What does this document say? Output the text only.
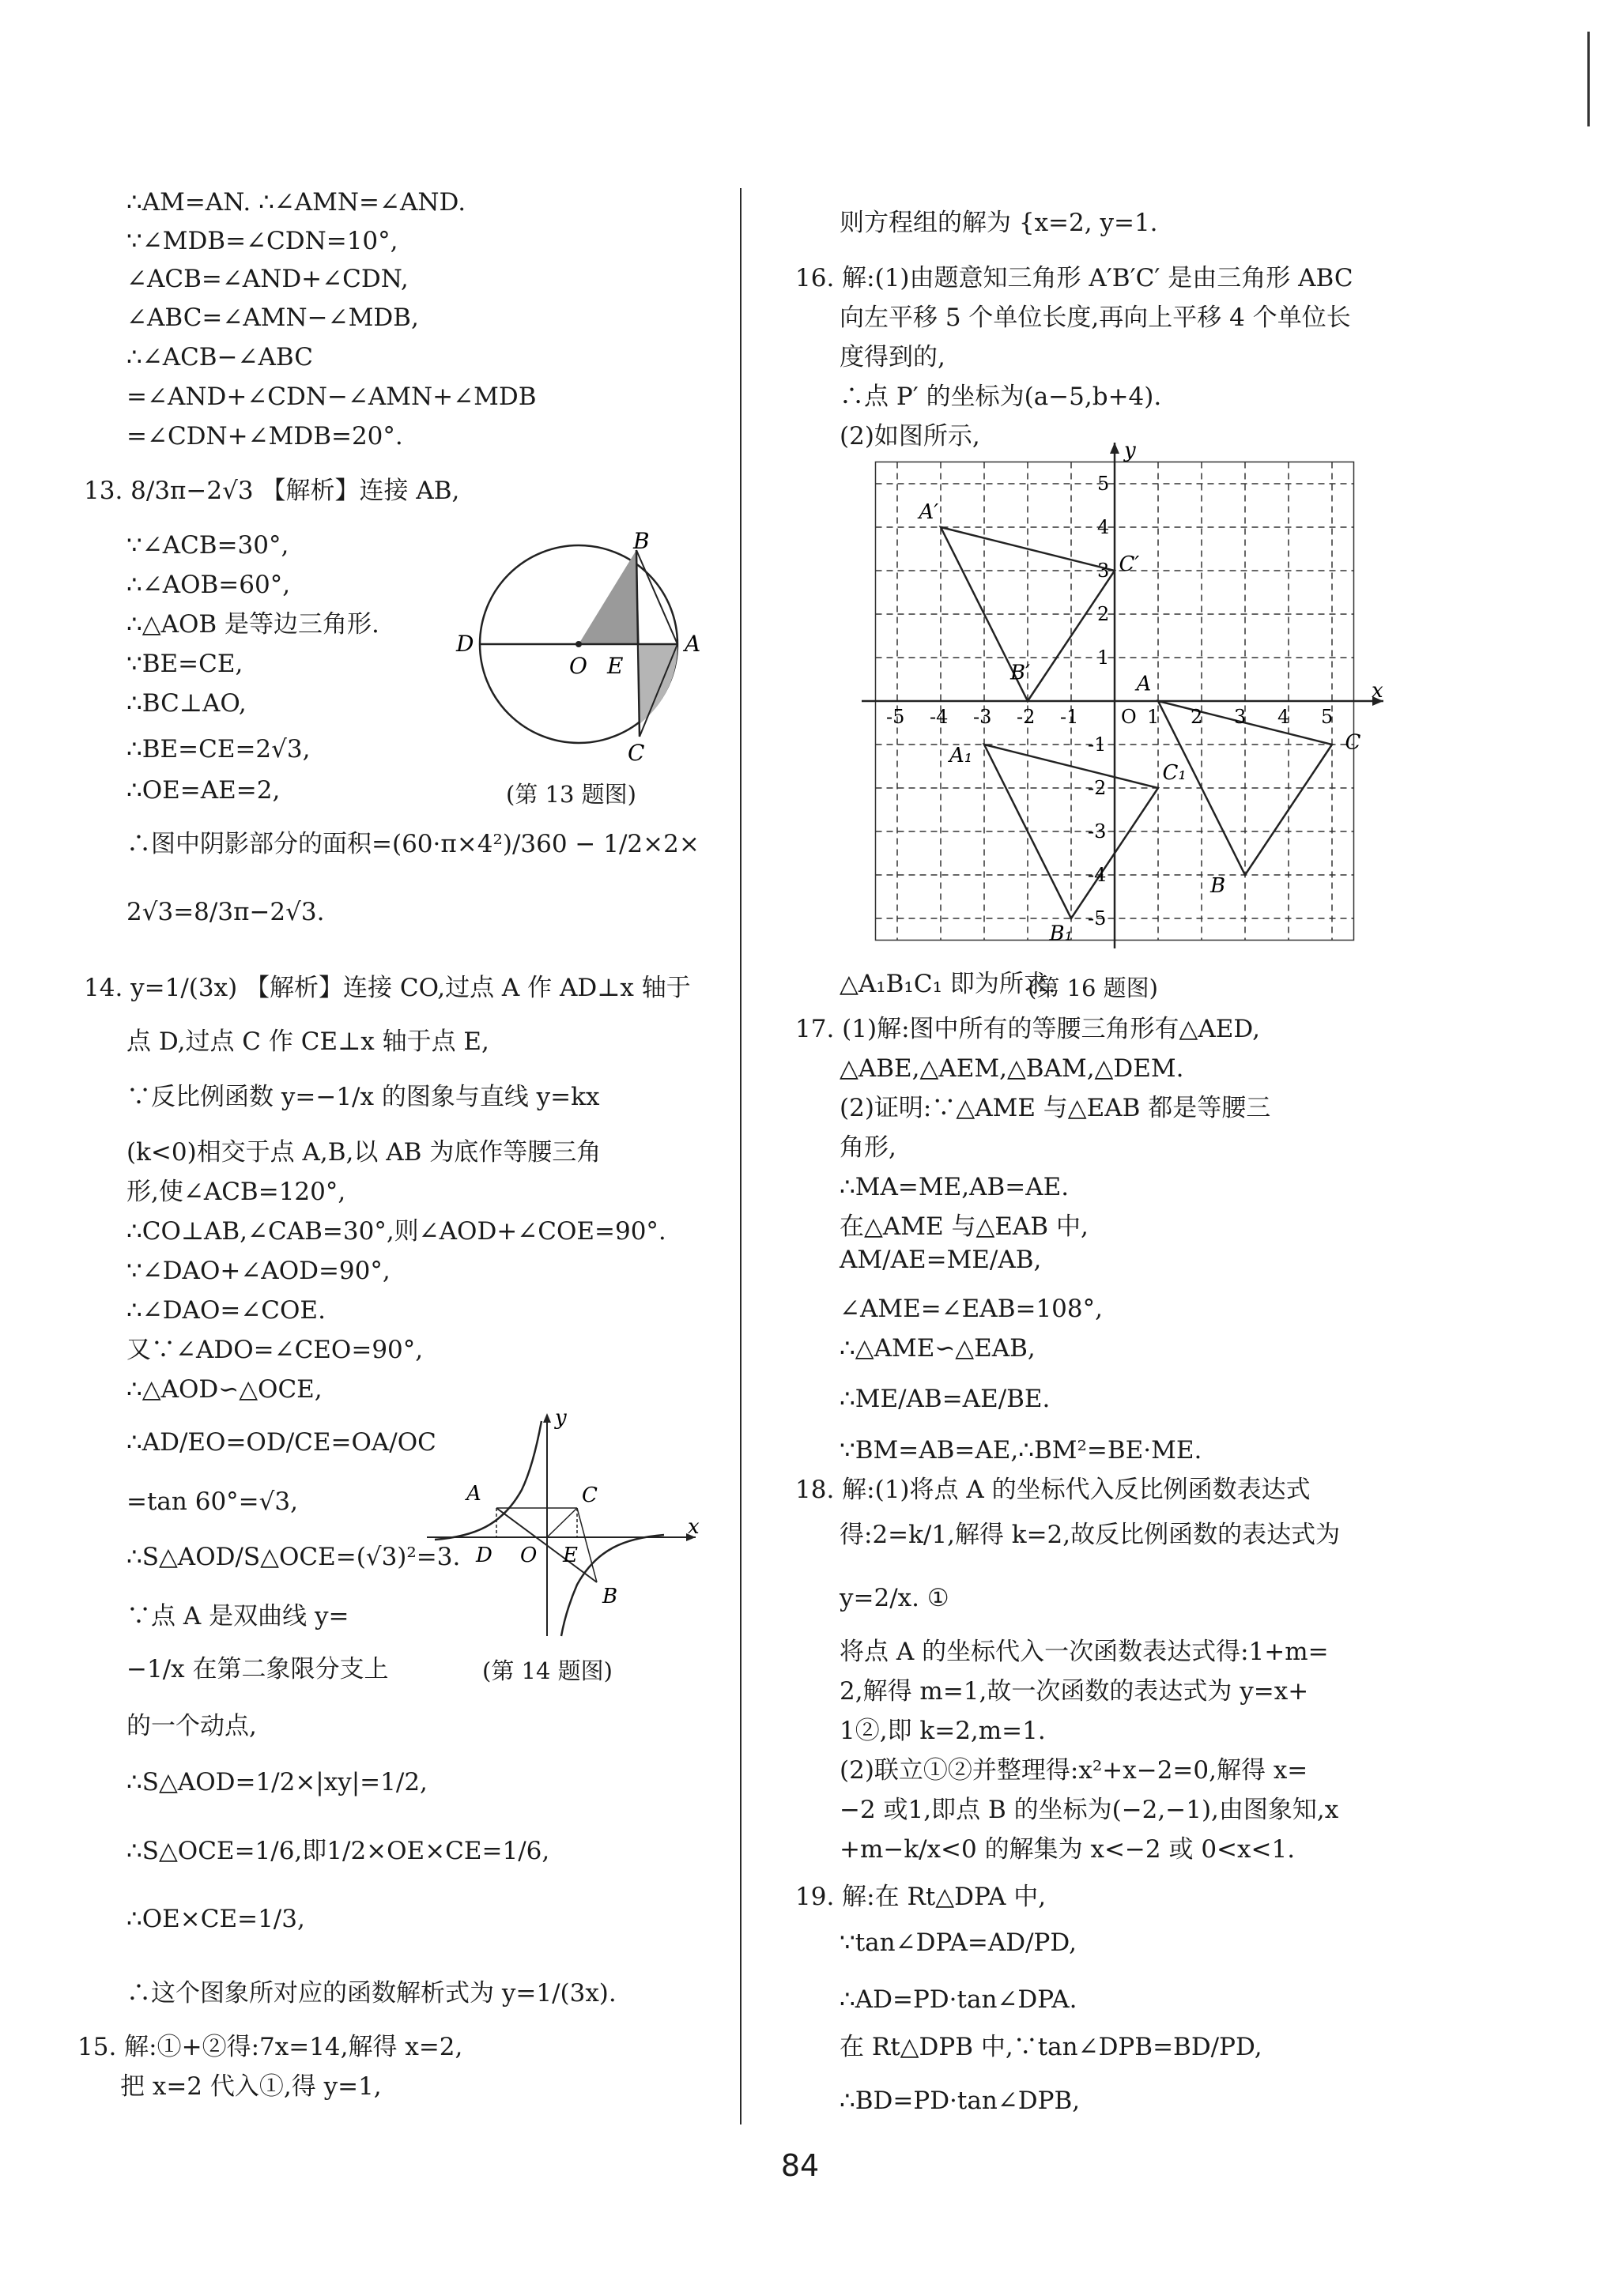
∴AM=AN. ∴∠AMN=∠AND.
∵∠MDB=∠CDN=10°,
∠ACB=∠AND+∠CDN,
∠ABC=∠AMN−∠MDB,
∴∠ACB−∠ABC
=∠AND+∠CDN−∠AMN+∠MDB
=∠CDN+∠MDB=20°.
13. 8/3π−2√3 【解析】连接 AB,
∵∠ACB=30°,
∴∠AOB=60°,
∴△AOB 是等边三角形.
∵BE=CE,
∴BC⊥AO,
∴BE=CE=2√3,
∴OE=AE=2,
∴图中阴影部分的面积=(60·π×4²)/360 − 1/2×2×
2√3=8/3π−2√3.
14. y=1/(3x) 【解析】连接 CO,过点 A 作 AD⊥x 轴于
点 D,过点 C 作 CE⊥x 轴于点 E,
∵反比例函数 y=−1/x 的图象与直线 y=kx
(k<0)相交于点 A,B,以 AB 为底作等腰三角
形,使∠ACB=120°,
∴CO⊥AB,∠CAB=30°,则∠AOD+∠COE=90°.
∵∠DAO+∠AOD=90°,
∴∠DAO=∠COE.
又∵∠ADO=∠CEO=90°,
∴△AOD∽△OCE,
∴AD/EO=OD/CE=OA/OC
=tan 60°=√3,
∴S△AOD/S△OCE=(√3)²=3.
∵点 A 是双曲线 y=
−1/x 在第二象限分支上
的一个动点,
∴S△AOD=1/2×|xy|=1/2,
∴S△OCE=1/6,即1/2×OE×CE=1/6,
∴OE×CE=1/3,
∴这个图象所对应的函数解析式为 y=1/(3x).
15. 解:①+②得:7x=14,解得 x=2,
把 x=2 代入①,得 y=1,
B
D
O E
A
C
(第 13 题图)
y
A	C
x
D O E
B
(第 14 题图)
则方程组的解为 {x=2, y=1.
16. 解:(1)由题意知三角形 A′B′C′ 是由三角形 ABC
向左平移 5 个单位长度,再向上平移 4 个单位长
度得到的,
∴点 P′ 的坐标为(a−5,b+4).
(2)如图所示,
△A₁B₁C₁ 即为所求.
17. (1)解:图中所有的等腰三角形有△AED,
△ABE,△AEM,△BAM,△DEM.
(2)证明:∵△AME 与△EAB 都是等腰三
角形,
∴MA=ME,AB=AE.
在△AME 与△EAB 中,
AM/AE=ME/AB,
∠AME=∠EAB=108°,
∴△AME∽△EAB,
∴ME/AB=AE/BE.
∵BM=AB=AE,∴BM²=BE·ME.
18. 解:(1)将点 A 的坐标代入反比例函数表达式
得:2=k/1,解得 k=2,故反比例函数的表达式为
y=2/x. ①
将点 A 的坐标代入一次函数表达式得:1+m=
2,解得 m=1,故一次函数的表达式为 y=x+
1②,即 k=2,m=1.
(2)联立①②并整理得:x²+x−2=0,解得 x=
−2 或1,即点 B 的坐标为(−2,−1),由图象知,x
+m−k/x<0 的解集为 x<−2 或 0<x<1.
19. 解:在 Rt△DPA 中,
∵tan∠DPA=AD/PD,
∴AD=PD·tan∠DPA.
在 Rt△DPB 中,∵tan∠DPB=BD/PD,
∴BD=PD·tan∠DPB,
-5 -4 -3 -2 -1 O 1 2 3 4 5
5
4
3
2
1
-1
-2
-3
-4
-5
A′
C′
B′	A
C
B
A₁
C₁
B₁
y
x
(第 16 题图)
84
